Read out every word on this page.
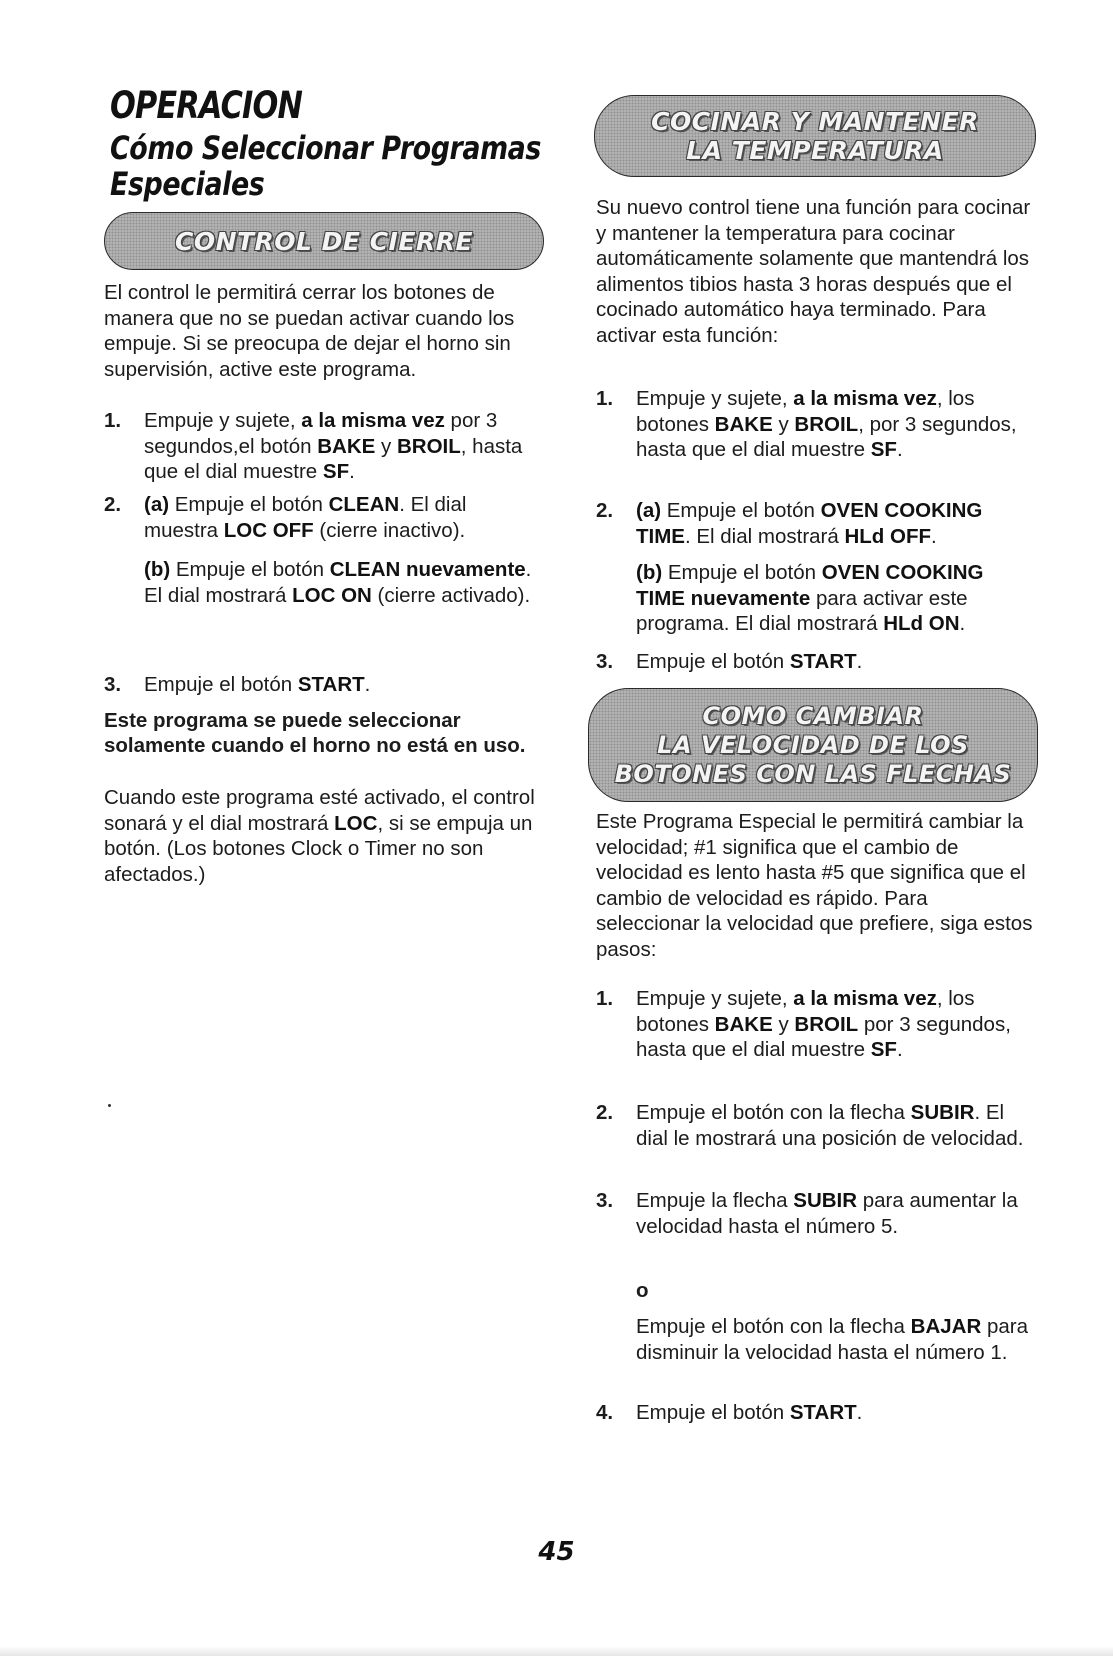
OPERACION
Cómo Seleccionar Programas
Especiales
CONTROL DE CIERRE

El control le permitirá cerrar los botones de manera que no se puedan activar cuando los empuje. Si se preocupa de dejar el horno sin supervisión, active este programa.

1. Empuje y sujete, a la misma vez por 3 segundos,el botón BAKE y BROIL, hasta que el dial muestre SF.
2. (a) Empuje el botón CLEAN. El dial muestra LOC OFF (cierre inactivo).
(b) Empuje el botón CLEAN nuevamente. El dial mostrará LOC ON (cierre activado).
3. Empuje el botón START.

Este programa se puede seleccionar solamente cuando el horno no está en uso.

Cuando este programa esté activado, el control sonará y el dial mostrará LOC, si se empuja un botón. (Los botones Clock o Timer no son afectados.)

COCINAR Y MANTENER
LA TEMPERATURA

Su nuevo control tiene una función para cocinar y mantener la temperatura para cocinar automáticamente solamente que mantendrá los alimentos tibios hasta 3 horas después que el cocinado automático haya terminado. Para activar esta función:

1. Empuje y sujete, a la misma vez, los botones BAKE y BROIL, por 3 segundos, hasta que el dial muestre SF.
2. (a) Empuje el botón OVEN COOKING TIME. El dial mostrará HLd OFF.
(b) Empuje el botón OVEN COOKING TIME nuevamente para activar este programa. El dial mostrará HLd ON.
3. Empuje el botón START.
COMO CAMBIAR
LA VELOCIDAD DE LOS
BOTONES CON LAS FLECHAS

Este Programa Especial le permitirá cambiar la velocidad; #1 significa que el cambio de velocidad es lento hasta #5 que significa que el cambio de velocidad es rápido. Para seleccionar la velocidad que prefiere, siga estos pasos:

1. Empuje y sujete, a la misma vez, los botones BAKE y BROIL por 3 segundos, hasta que el dial muestre SF.
2. Empuje el botón con la flecha SUBIR. El dial le mostrará una posición de velocidad.
3. Empuje la flecha SUBIR para aumentar la velocidad hasta el número 5.
o
Empuje el botón con la flecha BAJAR para disminuir la velocidad hasta el número 1.
4. Empuje el botón START.
45
